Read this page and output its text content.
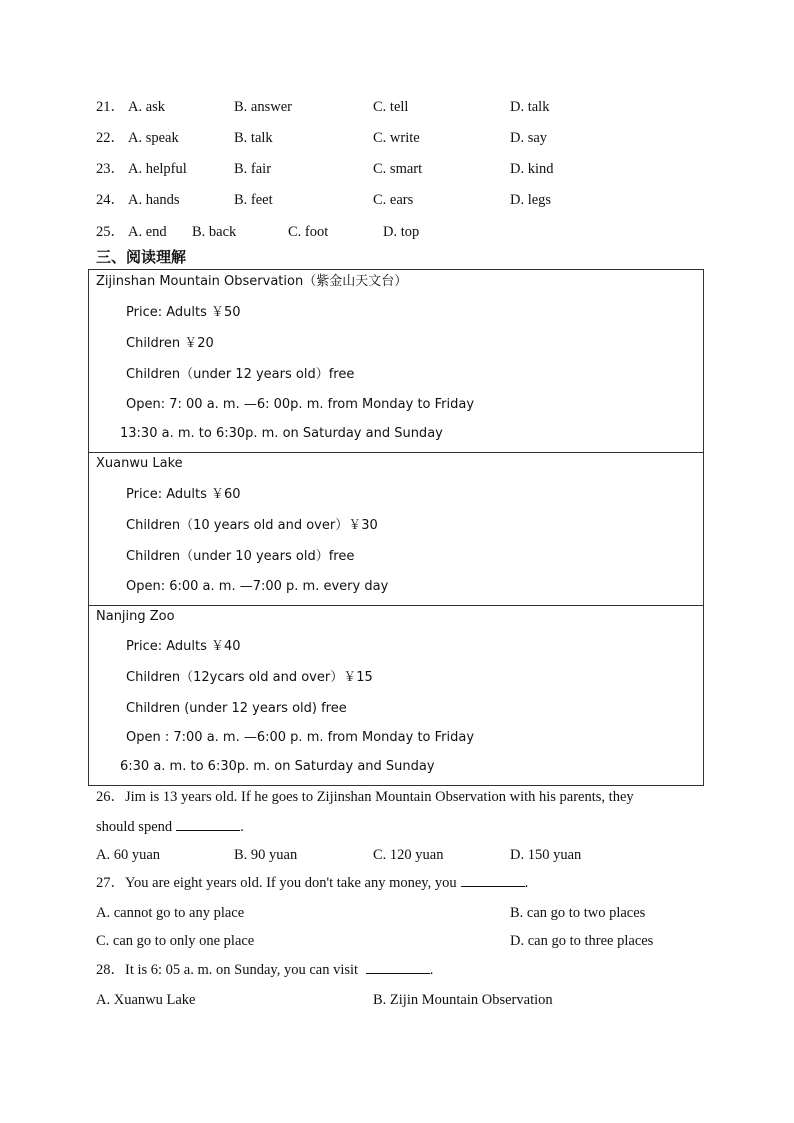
21． A. ask	B. answer	C. tell	D. talk
22． A. speak	B. talk	C. write	D. say
23． A. helpful	B. fair	C. smart	D. kind
24． A. hands	B. feet	C. ears	D. legs
25． A. end B. back	C. foot	D. top
三、阅读理解
Zijinshan Mountain Observation（紫金山天文台）
Price: Adults ￥50
Children ￥20
Children（under 12 years old）free
Open: 7: 00 a. m. —6: 00p. m. from Monday to Friday
13:30 a. m. to 6:30p. m. on Saturday and Sunday
Xuanwu Lake
Price: Adults ￥60
Children（10 years old and over）￥30
Children（under 10 years old）free
Open: 6:00 a. m. —7:00 p. m. every day
Nanjing Zoo
Price: Adults ￥40
Children（12ycars old and over）￥15
Children (under 12 years old) free
Open : 7:00 a. m. —6:00 p. m. from Monday to Friday
6:30 a. m. to 6:30p. m. on Saturday and Sunday
26．Jim is 13 years old. If he goes to Zijinshan Mountain Observation with his parents, they
should spend	.
A. 60 yuan	B. 90 yuan	C. 120 yuan	D. 150 yuan
27．You are eight years old. If you don't take any money, you	.
A. cannot go to any place	B. can go to two places
C. can go to only one place	D. can go to three places
28．It is 6: 05 a. m. on Sunday, you can visit	.
A. Xuanwu Lake	B. Zijin Mountain Observation
